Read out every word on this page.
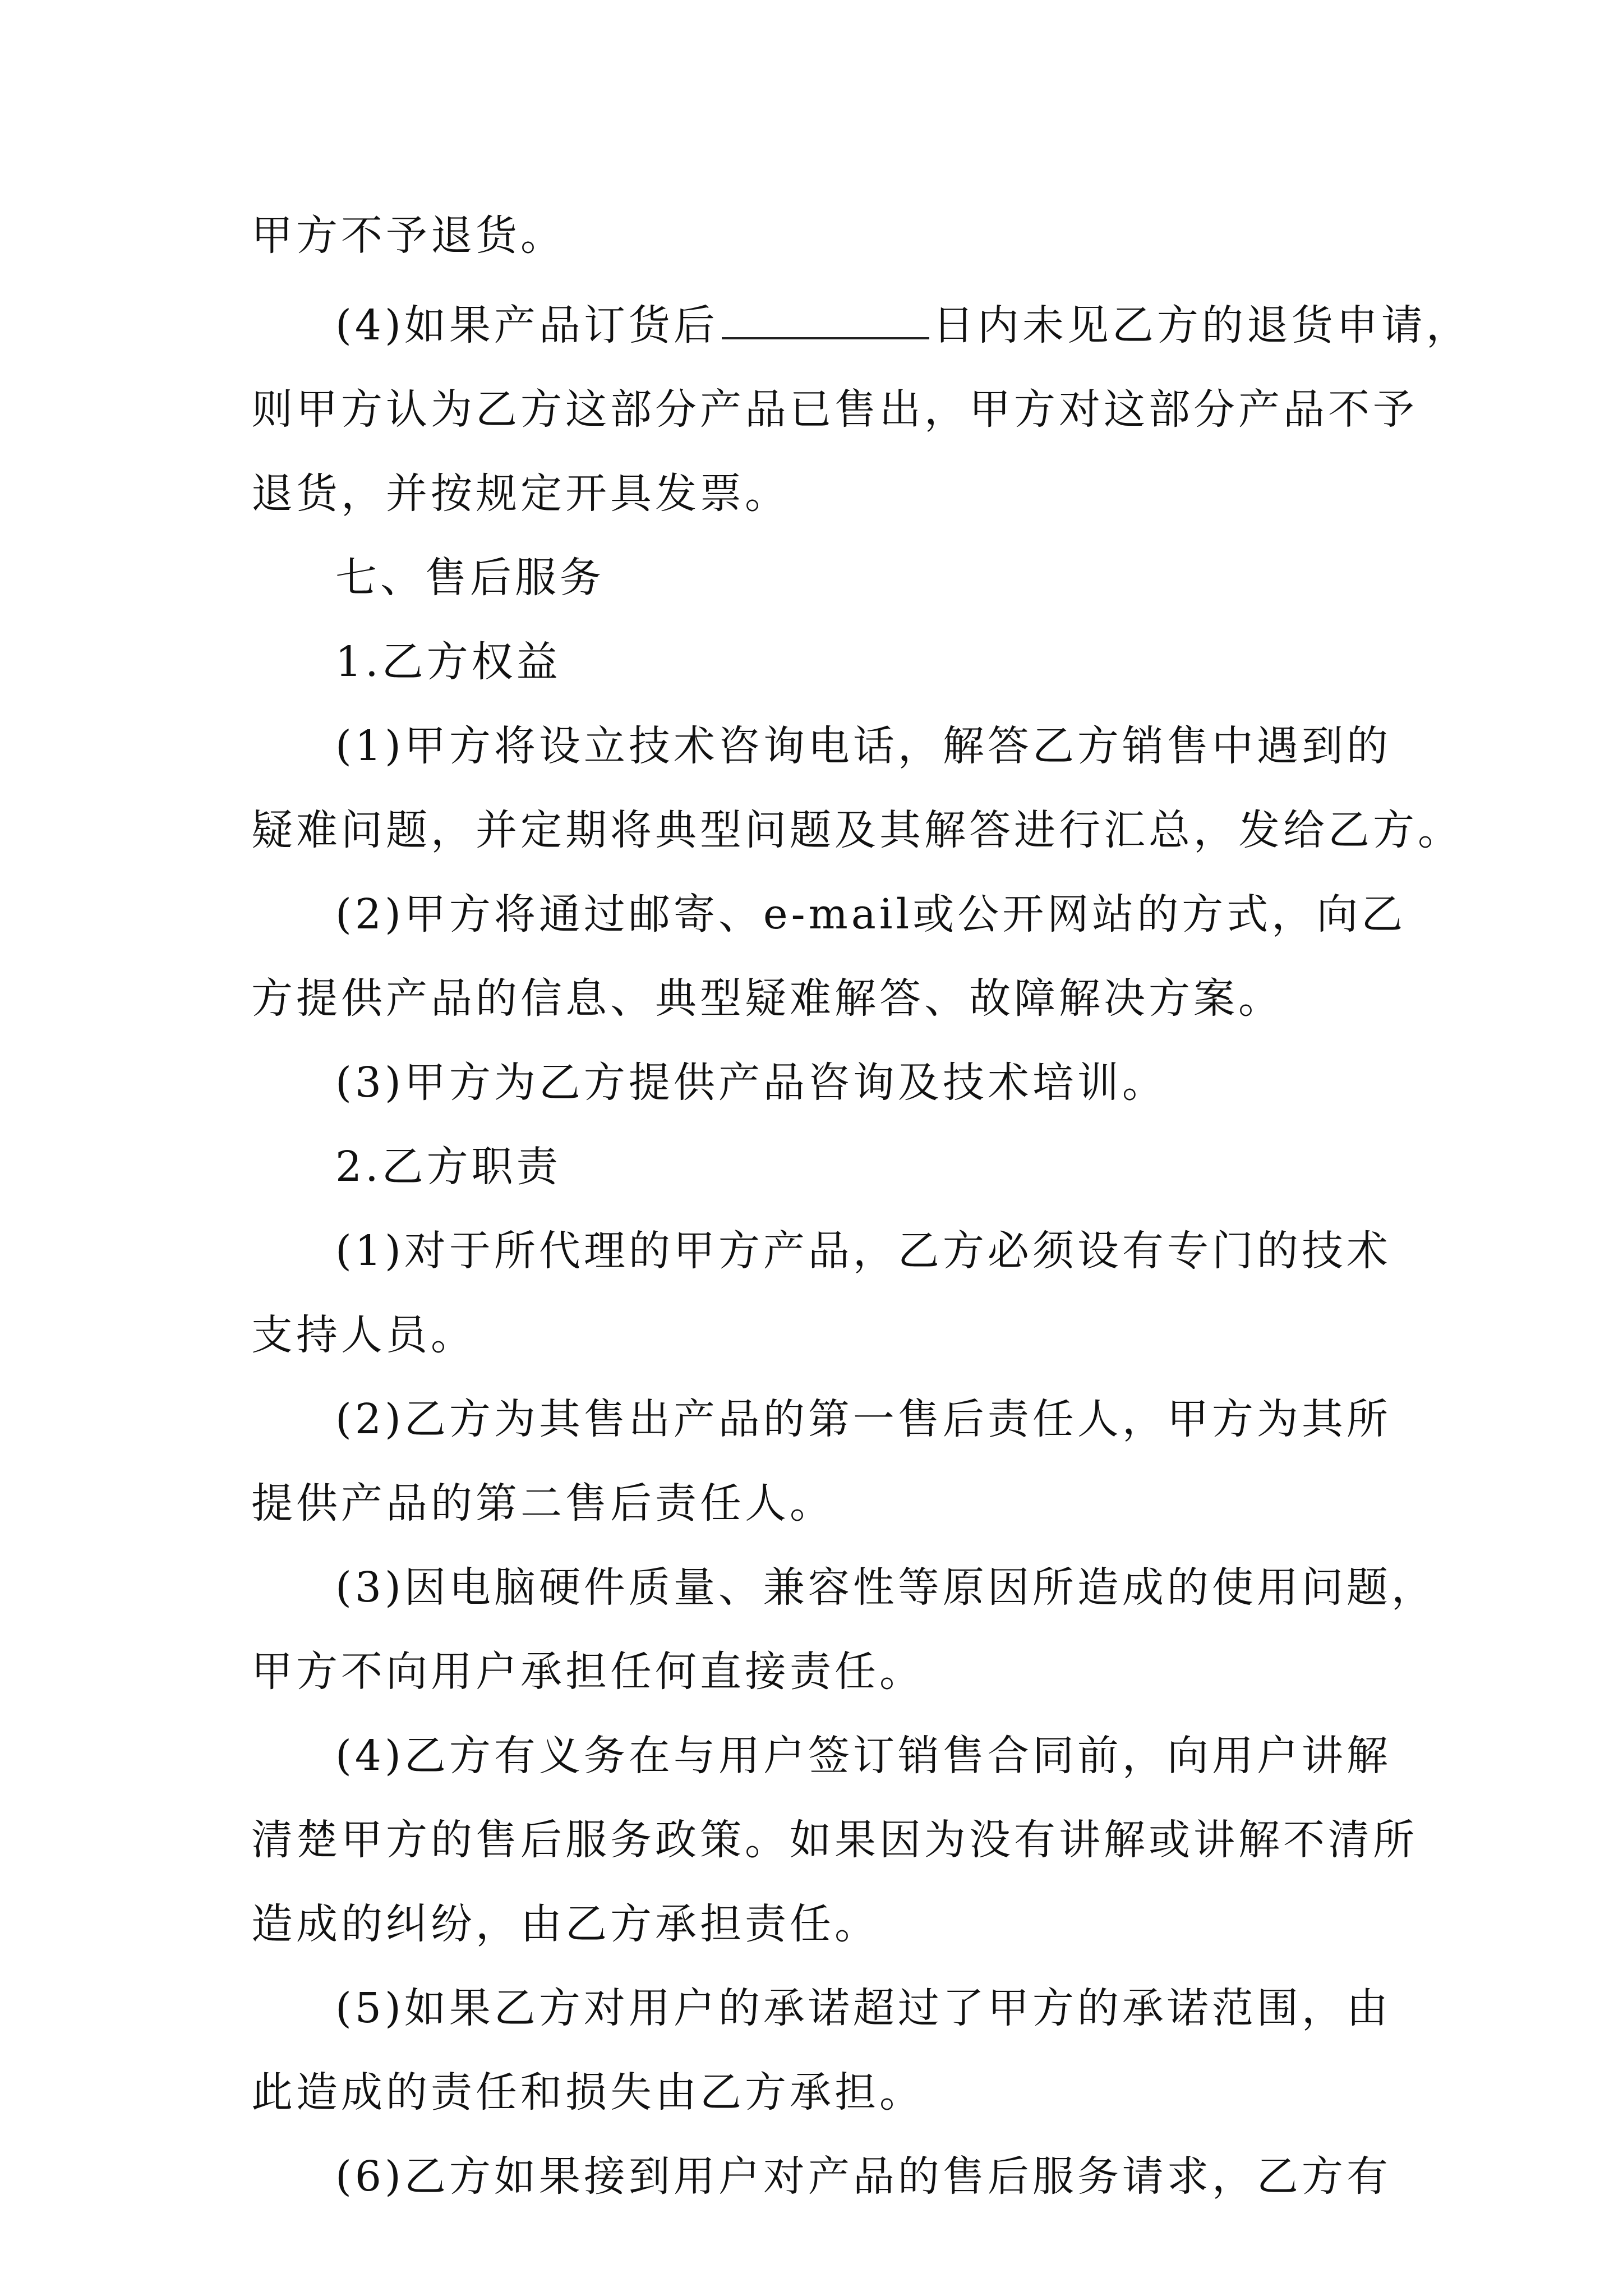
甲方不予退货。
(4)如果产品订货后	日内未见乙方的退货申请，
则甲方认为乙方这部分产品已售出，甲方对这部分产品不予
退货，并按规定开具发票。
七、售后服务
1.乙方权益
(1)甲方将设立技术咨询电话，解答乙方销售中遇到的
疑难问题，并定期将典型问题及其解答进行汇总，发给乙方。
(2)甲方将通过邮寄、e-mail或公开网站的方式，向乙
方提供产品的信息、典型疑难解答、故障解决方案。
(3)甲方为乙方提供产品咨询及技术培训。
2.乙方职责
(1)对于所代理的甲方产品，乙方必须设有专门的技术
支持人员。
(2)乙方为其售出产品的第一售后责任人，甲方为其所
提供产品的第二售后责任人。
(3)因电脑硬件质量、兼容性等原因所造成的使用问题，
甲方不向用户承担任何直接责任。
(4)乙方有义务在与用户签订销售合同前，向用户讲解
清楚甲方的售后服务政策。如果因为没有讲解或讲解不清所
造成的纠纷，由乙方承担责任。
(5)如果乙方对用户的承诺超过了甲方的承诺范围，由
此造成的责任和损失由乙方承担。
(6)乙方如果接到用户对产品的售后服务请求，乙方有
